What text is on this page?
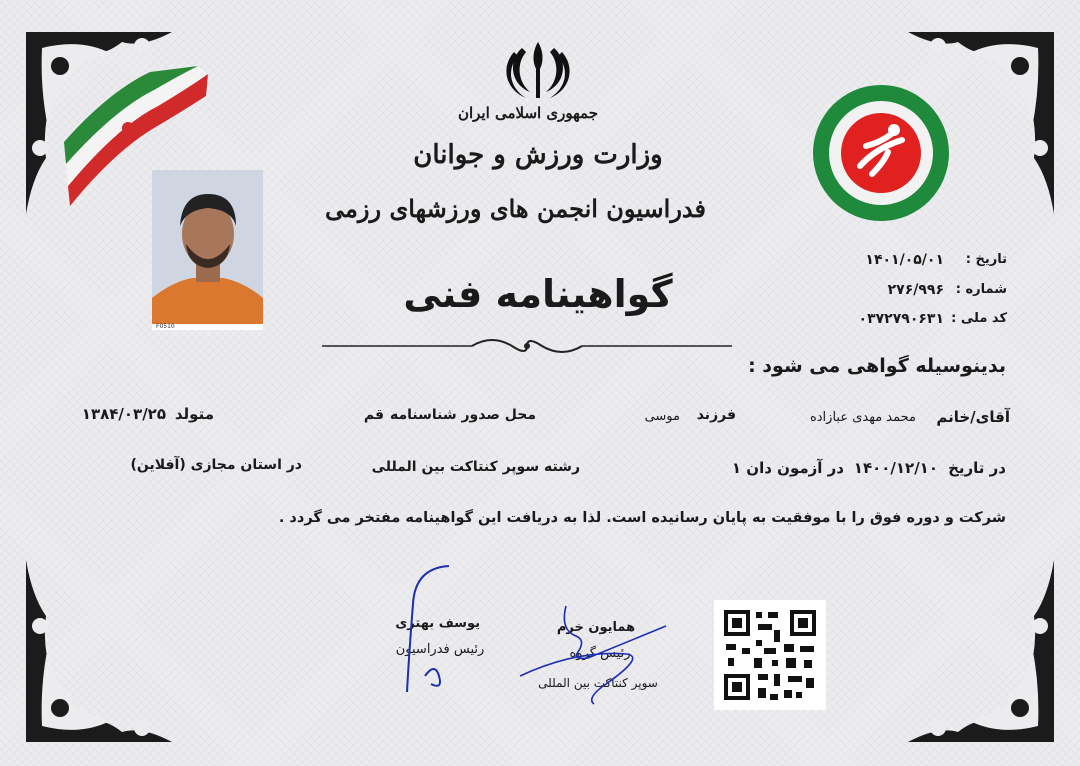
F0510
جمهوری اسلامی ایران
وزارت ورزش و جوانان
فدراسیون انجمن های ورزشهای رزمی
گواهینامه فنی
تاریخ :
۱۴۰۱/۰۵/۰۱
شماره :
۲۷۶/۹۹۶
کد ملی :
۰۳۷۲۷۹۰۶۳۱
بدینوسیله گواهی می شود :
آقای/خانم
محمد مهدی عبازاده
فرزند
موسی
محل صدور شناسنامه
قم
متولد
۱۳۸۴/۰۳/۲۵
در تاریخ
۱۴۰۰/۱۲/۱۰
در آزمون دان ۱
رشته سوپر کنتاکت بین المللی
در استان مجازی (آفلاین)
شرکت و دوره فوق را با موفقیت به پایان رسانیده است. لذا به دریافت این گواهینامه مفتخر می گردد .
یوسف بهتری
رئیس فدراسیون
همایون خرم
رئیس گروه
سوپر کنتاکت بین المللی
